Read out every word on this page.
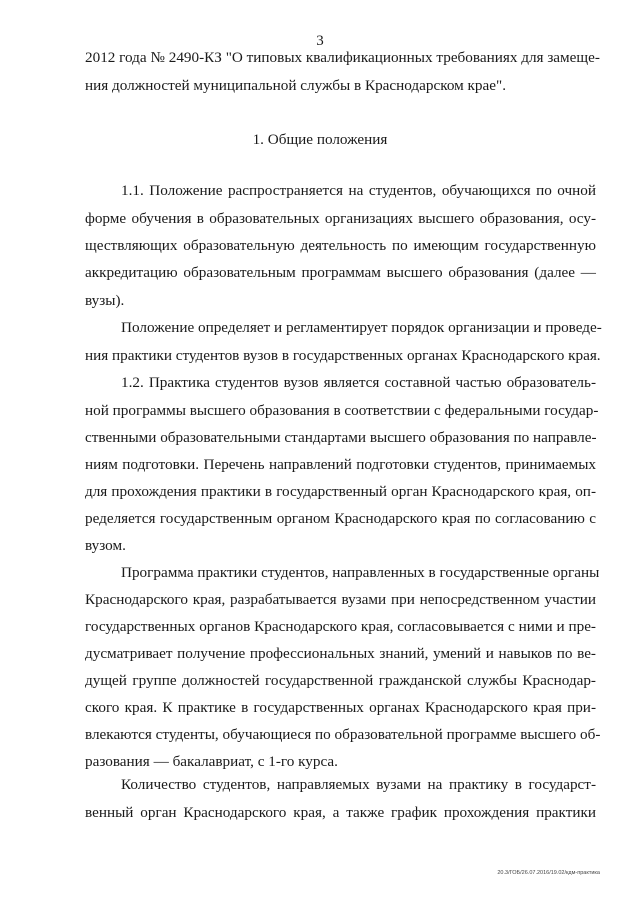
3
2012 года № 2490-КЗ "О типовых квалификационных требованиях для замеще-
ния должностей муниципальной службы в Краснодарском крае".
1. Общие положения
1.1. Положение распространяется на студентов, обучающихся по очной
форме обучения в образовательных организациях высшего образования, осу-
ществляющих образовательную деятельность по имеющим государственную
аккредитацию образовательным программам высшего образования (далее —
вузы).
Положение определяет и регламентирует порядок организации и проведе-
ния практики студентов вузов в государственных органах Краснодарского края.
1.2. Практика студентов вузов является составной частью образователь-
ной программы высшего образования в соответствии с федеральными государ-
ственными образовательными стандартами высшего образования по направле-
ниям подготовки. Перечень направлений подготовки студентов, принимаемых
для прохождения практики в государственный орган Краснодарского края, оп-
ределяется государственным органом Краснодарского края по согласованию с
вузом.
Программа практики студентов, направленных в государственные органы
Краснодарского края, разрабатывается вузами при непосредственном участии
государственных органов Краснодарского края, согласовывается с ними и пре-
дусматривает получение профессиональных знаний, умений и навыков по ве-
дущей группе должностей государственной гражданской службы Краснодар-
ского края. К практике в государственных органах Краснодарского края при-
влекаются студенты, обучающиеся по образовательной программе высшего об-
разования — бакалавриат, с 1-го курса.
Количество студентов, направляемых вузами на практику в государст-
венный орган Краснодарского края, а также график прохождения практики
20.3/ГОБ/26.07.2016/19.02/кдм-практика
